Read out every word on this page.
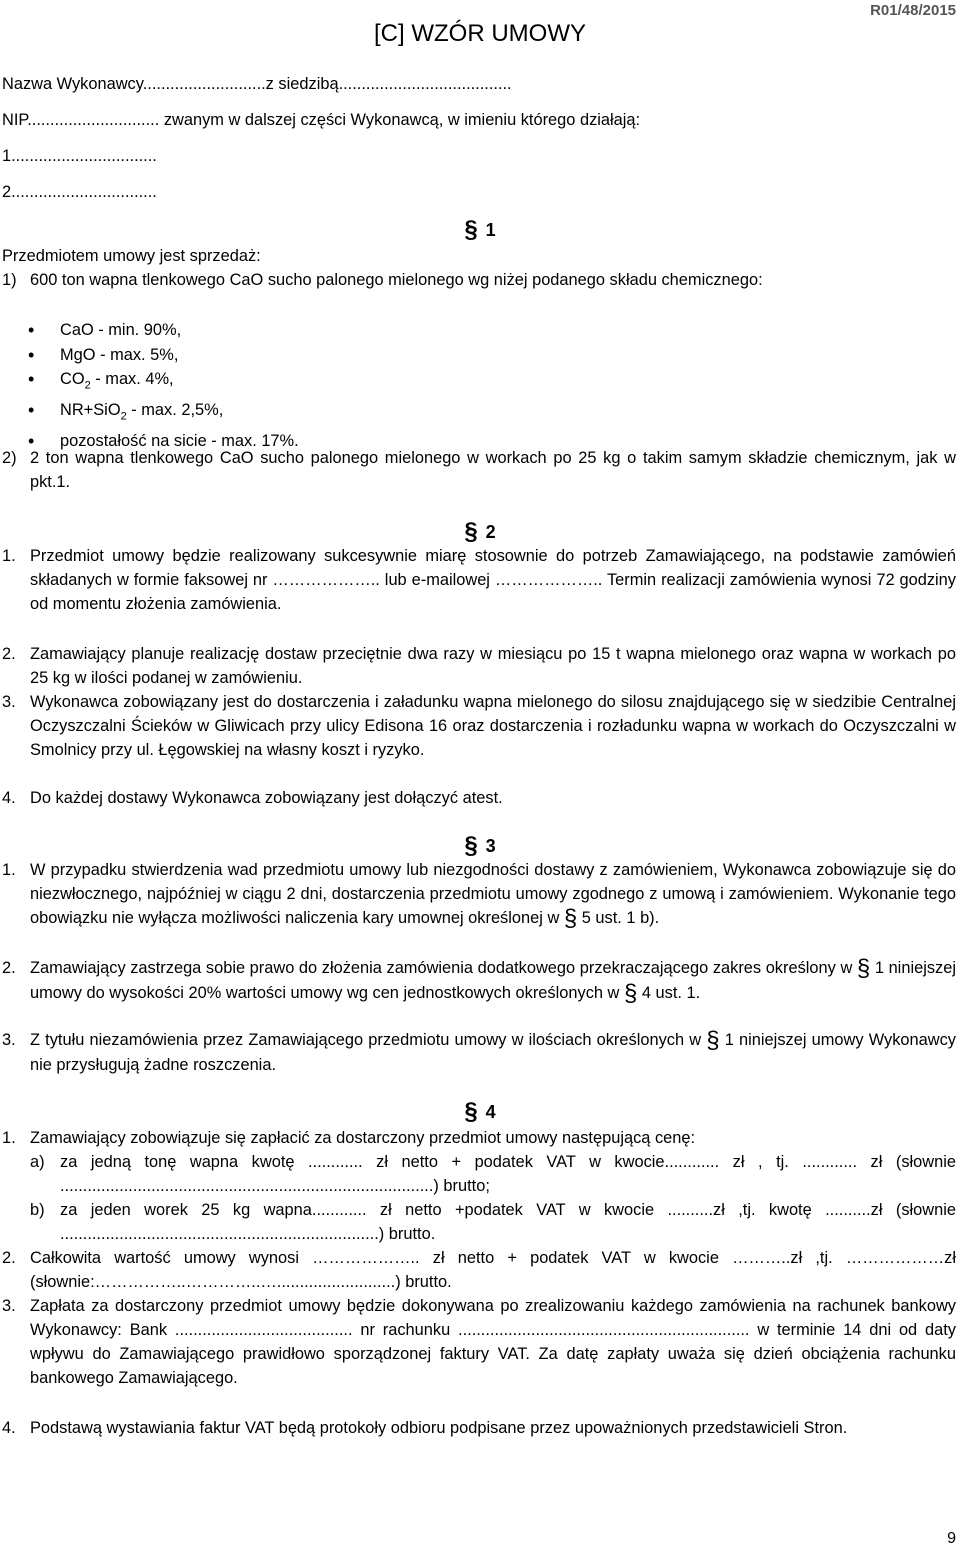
R01/48/2015
[C] WZÓR UMOWY
Nazwa Wykonawcy...........................z siedzibą......................................
NIP............................. zwanym w dalszej części Wykonawcą, w imieniu którego działają:
1................................
2................................
§ 1
Przedmiotem umowy jest sprzedaż:
1) 600 ton wapna tlenkowego CaO sucho palonego mielonego wg niżej podanego składu chemicznego:
• CaO - min. 90%,
• MgO - max. 5%,
• $CO_2$ - max. 4%,
• NR+SiO$_2$ - max. 2,5%,
• pozostałość na sicie - max. 17%.
2) 2 ton wapna tlenkowego CaO sucho palonego mielonego w workach po 25 kg o takim samym składzie chemicznym, jak w pkt.1.
§ 2
1. Przedmiot umowy będzie realizowany sukcesywnie miarę stosownie do potrzeb Zamawiającego, na podstawie zamówień składanych w formie faksowej nr ……………….. lub e-mailowej ……………….. Termin realizacji zamówienia wynosi 72 godziny od momentu złożenia zamówienia.
2. Zamawiający planuje realizację dostaw przeciętnie dwa razy w miesiącu po 15 t wapna mielonego oraz wapna w workach po 25 kg w ilości podanej w zamówieniu.
3. Wykonawca zobowiązany jest do dostarczenia i załadunku wapna mielonego do silosu znajdującego się w siedzibie Centralnej Oczyszczalni Ścieków w Gliwicach przy ulicy Edisona 16 oraz dostarczenia i rozładunku wapna w workach do Oczyszczalni w Smolnicy przy ul. Łęgowskiej na własny koszt i ryzyko.
4. Do każdej dostawy Wykonawca zobowiązany jest dołączyć atest.
§ 3
1. W przypadku stwierdzenia wad przedmiotu umowy lub niezgodności dostawy z zamówieniem, Wykonawca zobowiązuje się do niezwłocznego, najpóźniej w ciągu 2 dni, dostarczenia przedmiotu umowy zgodnego z umową i zamówieniem. Wykonanie tego obowiązku nie wyłącza możliwości naliczenia kary umownej określonej w § 5 ust. 1 b).
2. Zamawiający zastrzega sobie prawo do złożenia zamówienia dodatkowego przekraczającego zakres określony w § 1 niniejszej umowy do wysokości 20% wartości umowy wg cen jednostkowych określonych w § 4 ust. 1.
3. Z tytułu niezamówienia przez Zamawiającego przedmiotu umowy w ilościach określonych w § 1 niniejszej umowy Wykonawcy nie przysługują żadne roszczenia.
§ 4
1. Zamawiający zobowiązuje się zapłacić za dostarczony przedmiot umowy następującą cenę:
a) za jedną tonę wapna kwotę ............ zł netto + podatek VAT w kwocie............ zł , tj. ............ zł (słownie ..................................................................................) brutto;
b) za jeden worek 25 kg wapna............ zł netto +podatek VAT w kwocie ..........zł ,tj. kwotę ..........zł (słownie ......................................................................) brutto.
2. Całkowita wartość umowy wynosi ……………….. zł netto + podatek VAT w kwocie ………..zł ,tj. ………………zł (słownie:……………..…………..…..........................) brutto.
3. Zapłata za dostarczony przedmiot umowy będzie dokonywana po zrealizowaniu każdego zamówienia na rachunek bankowy Wykonawcy: Bank ....................................... nr rachunku ................................................................ w terminie 14 dni od daty wpływu do Zamawiającego prawidłowo sporządzonej faktury VAT. Za datę zapłaty uważa się dzień obciążenia rachunku bankowego Zamawiającego.
4. Podstawą wystawiania faktur VAT będą protokoły odbioru podpisane przez upoważnionych przedstawicieli Stron.
9
